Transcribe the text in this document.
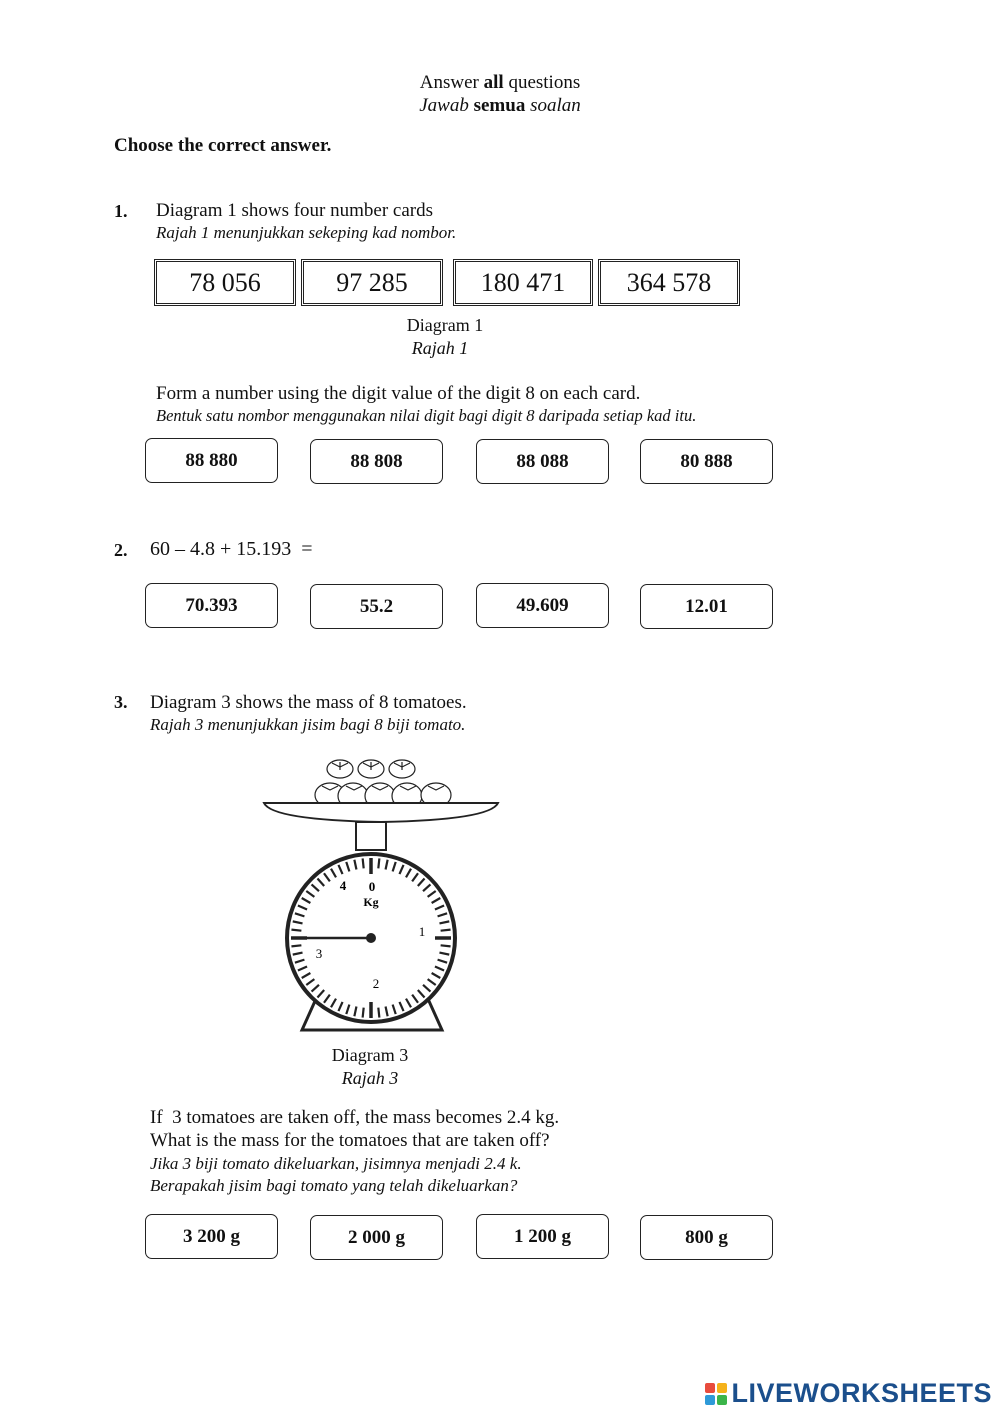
Answer all questions
Jawab semua soalan
Choose the correct answer.
1. Diagram 1 shows four number cards
Rajah 1 menunjukkan sekeping kad nombor.
78 056	97 285	180 471	364 578
Diagram 1
Rajah 1
Form a number using the digit value of the digit 8 on each card.
Bentuk satu nombor menggunakan nilai digit bagi digit 8 daripada setiap kad itu.
88 880	88 808	88 088	80 888
2. 60 – 4.8 + 15.193  =
70.393	55.2	49.609	12.01
3. Diagram 3 shows the mass of 8 tomatoes.
Rajah 3 menunjukkan jisim bagi 8 biji tomato.
0
Kg
1
2
3
4
Diagram 3
Rajah 3
If  3 tomatoes are taken off, the mass becomes 2.4 kg.
What is the mass for the tomatoes that are taken off?
Jika 3 biji tomato dikeluarkan, jisimnya menjadi 2.4 k.
Berapakah jisim bagi tomato yang telah dikeluarkan?
3 200 g	2 000 g	1 200 g	800 g
LIVEWORKSHEETS
